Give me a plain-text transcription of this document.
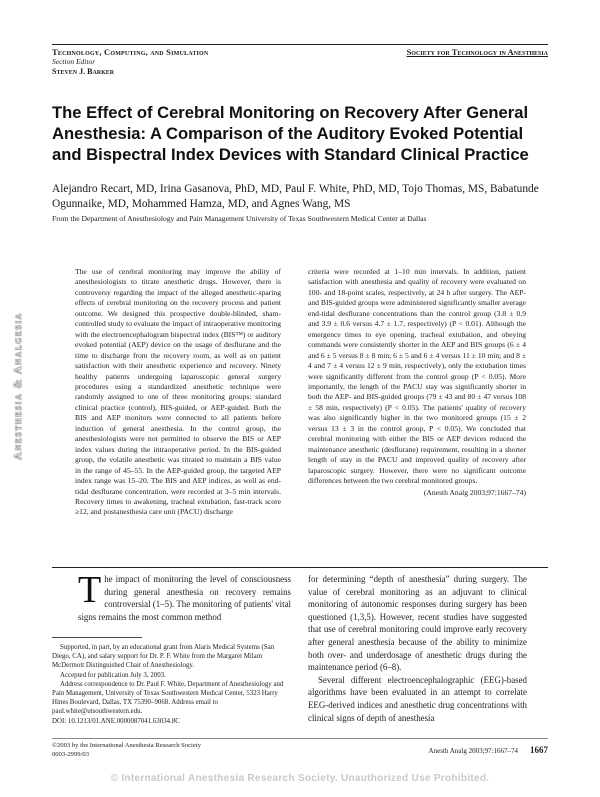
Technology, Computing, and Simulation
Section Editor
Steven J. Barker
Society for Technology in Anesthesia
The Effect of Cerebral Monitoring on Recovery After General Anesthesia: A Comparison of the Auditory Evoked Potential and Bispectral Index Devices with Standard Clinical Practice
Alejandro Recart, MD, Irina Gasanova, PhD, MD, Paul F. White, PhD, MD, Tojo Thomas, MS, Babatunde Ogunnaike, MD, Mohammed Hamza, MD, and Agnes Wang, MS
From the Department of Anesthesiology and Pain Management University of Texas Southwestern Medical Center at Dallas
Anesthesia & Analgesia
The use of cerebral monitoring may improve the ability of anesthesiologists to titrate anesthetic drugs. However, there is controversy regarding the impact of the alleged anesthetic-sparing effects of cerebral monitoring on the recovery process and patient outcome. We designed this prospective double-blinded, sham-controlled study to evaluate the impact of intraoperative monitoring with the electroencephalogram bispectral index (BIS™) or auditory evoked potential (AEP) device on the usage of desflurane and the time to discharge from the recovery room, as well as on patient satisfaction with their anesthetic experience and recovery. Ninety healthy patients undergoing laparoscopic general surgery procedures using a standardized anesthetic technique were randomly assigned to one of three monitoring groups: standard clinical practice (control), BIS-guided, or AEP-guided. Both the BIS and AEP monitors were connected to all patients before induction of general anesthesia. In the control group, the anesthesiologists were not permitted to observe the BIS or AEP index values during the intraoperative period. In the BIS-guided group, the volatile anesthetic was titrated to maintain a BIS value in the range of 45–55. In the AEP-guided group, the targeted AEP index range was 15–20. The BIS and AEP indices, as well as end-tidal desflurane concentration, were recorded at 3–5 min intervals. Recovery times to awakening, tracheal extubation, fast-track score ≥12, and postanesthesia care unit (PACU) discharge
criteria were recorded at 1–10 min intervals. In addition, patient satisfaction with anesthesia and quality of recovery were evaluated on 100- and 18-point scales, respectively, at 24 h after surgery. The AEP- and BIS-guided groups were administered significantly smaller average end-tidal desflurane concentrations than the control group (3.8 ± 0.9 and 3.9 ± 0.6 versus 4.7 ± 1.7, respectively) (P < 0.01). Although the emergence times to eye opening, tracheal extubation, and obeying commands were consistently shorter in the AEP and BIS groups (6 ± 4 and 6 ± 5 versus 8 ± 8 min; 6 ± 5 and 6 ± 4 versus 11 ± 10 min; and 8 ± 4 and 7 ± 4 versus 12 ± 9 min, respectively), only the extubation times were significantly different from the control group (P < 0.05). More importantly, the length of the PACU stay was significantly shorter in both the AEP- and BIS-guided groups (79 ± 43 and 80 ± 47 versus 108 ± 58 min, respectively) (P < 0.05). The patients' quality of recovery was also significantly higher in the two monitored groups (15 ± 2 versus 13 ± 3 in the control group, P < 0.05). We concluded that cerebral monitoring with either the BIS or AEP devices reduced the maintenance anesthetic (desflurane) requirement, resulting in a shorter length of stay in the PACU and improved quality of recovery after laparoscopic surgery. However, there were no significant outcome differences between the two cerebral monitored groups.
(Anesth Analg 2003;97:1667–74)
The impact of monitoring the level of consciousness during general anesthesia on recovery remains controversial (1–5). The monitoring of patients' vital signs remains the most common method

for determining “depth of anesthesia” during surgery. The value of cerebral monitoring as an adjuvant to clinical monitoring of autonomic responses during surgery has been questioned (1,3,5). However, recent studies have suggested that use of cerebral monitoring could improve early recovery after general anesthesia because of the ability to minimize both over- and underdosage of anesthetic drugs during the maintenance period (6–8).

Several different electroencephalographic (EEG)-based algorithms have been evaluated in an attempt to correlate EEG-derived indices and anesthetic drug concentrations with clinical signs of depth of anesthesia

Supported, in part, by an educational grant from Alaris Medical Systems (San Diego, CA), and salary support for Dr. P. F. White from the Margaret Milam McDermott Distinguished Chair of Anesthesiology.

Accepted for publication July 3, 2003.

Address correspondence to Dr. Paul F. White, Department of Anesthesiology and Pain Management, University of Texas Southwestern Medical Center, 5323 Harry Hines Boulevard, Dallas, TX 75390–9068. Address email to paul.white@utsouthwestern.edu.

DOI: 10.1213/01.ANE.0000087041.63034.8C

©2003 by the International Anesthesia Research Society
0003-2999/03	Anesth Analg 2003;97:1667–74 1667
© International Anesthesia Research Society. Unauthorized Use Prohibited.
